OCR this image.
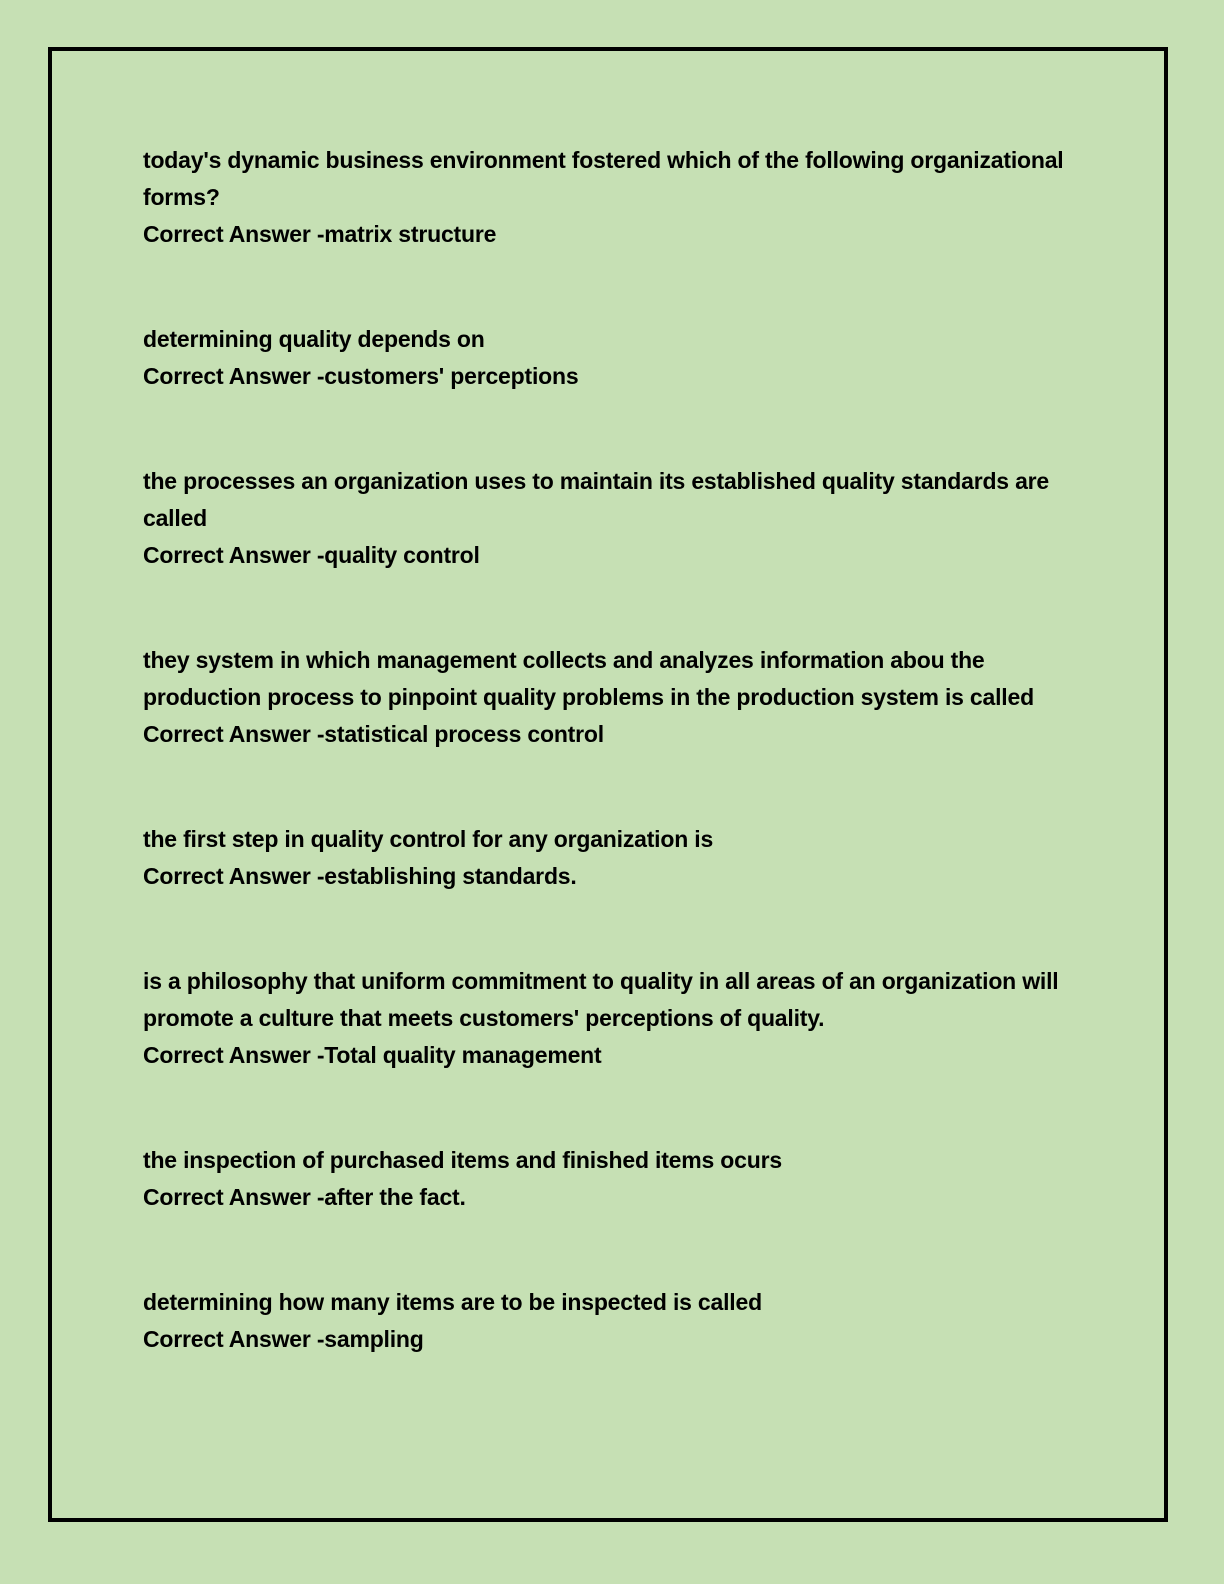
today's dynamic business environment fostered which of the following organizational forms?

Correct Answer -matrix structure

determining quality depends on

Correct Answer -customers' perceptions

the processes an organization uses to maintain its established quality standards are called

Correct Answer -quality control

they system in which management collects and analyzes information abou the production process to pinpoint quality problems in the production system is called

Correct Answer -statistical process control

the first step in quality control for any organization is

Correct Answer -establishing standards.

is a philosophy that uniform commitment to quality in all areas of an organization will promote a culture that meets customers' perceptions of quality.

Correct Answer -Total quality management

the inspection of purchased items and finished items ocurs

Correct Answer -after the fact.

determining how many items are to be inspected is called

Correct Answer -sampling
